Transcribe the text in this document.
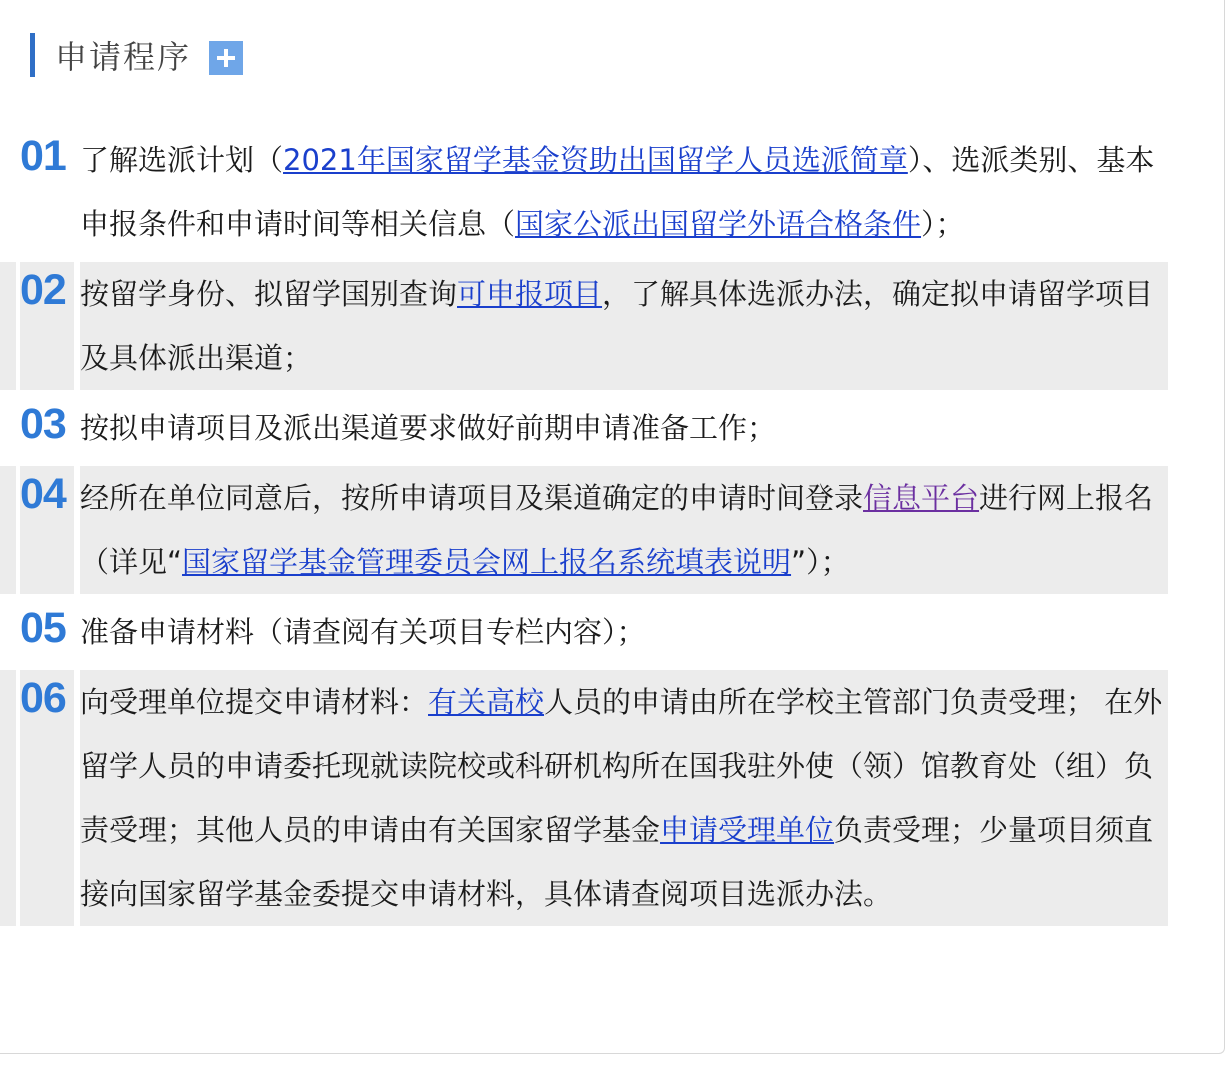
申请程序
01 了解选派计划（2021年国家留学基金资助出国留学人员选派简章）、选派类别、基本申报条件和申请时间等相关信息（国家公派出国留学外语合格条件）；
02 按留学身份、拟留学国别查询可申报项目，了解具体选派办法，确定拟申请留学项目及具体派出渠道；
03 按拟申请项目及派出渠道要求做好前期申请准备工作；
04 经所在单位同意后，按所申请项目及渠道确定的申请时间登录信息平台进行网上报名（详见“国家留学基金管理委员会网上报名系统填表说明”）；
05 准备申请材料（请查阅有关项目专栏内容）；
06 向受理单位提交申请材料：有关高校人员的申请由所在学校主管部门负责受理； 在外留学人员的申请委托现就读院校或科研机构所在国我驻外使（领）馆教育处（组）负责受理；其他人员的申请由有关国家留学基金申请受理单位负责受理；少量项目须直接向国家留学基金委提交申请材料，具体请查阅项目选派办法。
